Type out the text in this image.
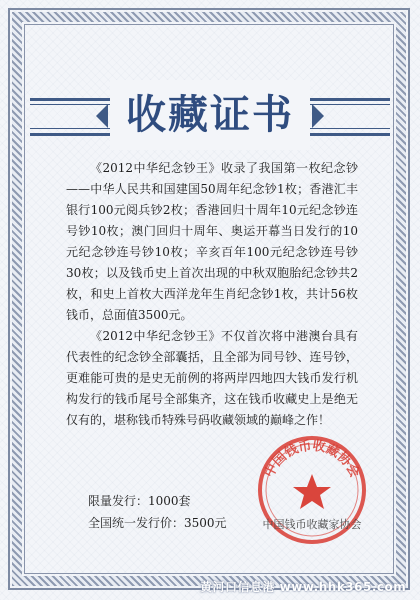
收藏证书

《2012中华纪念钞王》收录了我国第一枚纪念钞——中华人民共和国建国50周年纪念钞1枚；香港汇丰银行100元阅兵钞2枚；香港回归十周年10元纪念钞连号钞10枚；澳门回归十周年、奥运开幕当日发行的10元纪念钞连号钞10枚；辛亥百年100元纪念钞连号钞30枚；以及钱币史上首次出现的中秋双胞胎纪念钞共2枚，和史上首枚大西洋龙年生肖纪念钞1枚，共计56枚钱币，总面值3500元。

《2012中华纪念钞王》不仅首次将中港澳台具有代表性的纪念钞全部囊括，且全部为同号钞、连号钞，更难能可贵的是史无前例的将两岸四地四大钱币发行机构发行的钱币尾号全部集齐，这在钱币收藏史上是绝无仅有的，堪称钱币特殊号码收藏领域的巅峰之作！

限量发行：1000套
全国统一发行价：3500元
中国钱币收藏协会
中国钱币收藏家协会
黄河口信息港 www.hhk365.com
